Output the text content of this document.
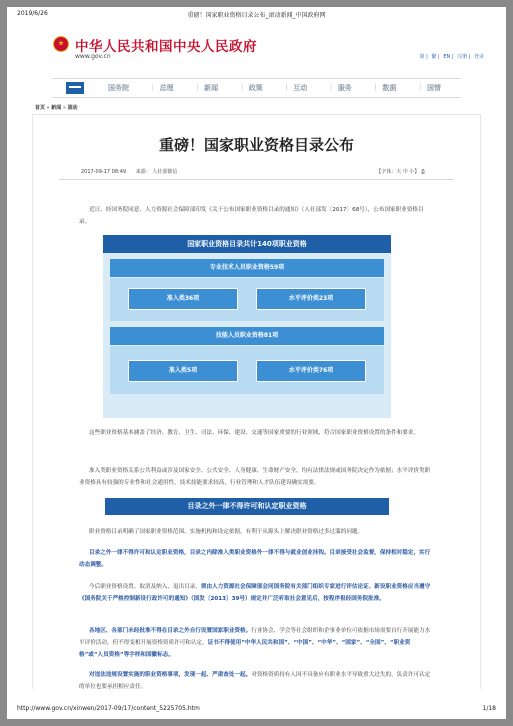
2019/6/26	重磅！国家职业资格目录公布_滚动新闻_中国政府网
中华人民共和国中央人民政府
www.gov.cn	简 | 繁 | EN | 注册 | 登录
国务院	| 总理	| 新闻	| 政策	| 互动	| 服务	| 数据	| 国情
首页 » 新闻 » 滚动
重磅！国家职业资格目录公布
2017-09-17 08:49 来源： 人社部微信	【字体：大 中 小】 ⎙

近日，经国务院同意，人力资源社会保障部印发《关于公布国家职业资格目录的通知》（人社部发〔2017〕68号），公布国家职业资格目录。

国家职业资格目录共计140项职业资格
专业技术人员职业资格59项
准入类36项	水平评价类23项
技能人员职业资格81项
准入类5项	水平评价类76项

这些职业资格基本涵盖了经济、教育、卫生、司法、环保、建设、交通等国家重要的行业领域，符合国家职业资格设置的条件和要求。

准入类职业资格关系公共利益或涉及国家安全、公共安全、人身健康、生命财产安全，均有法律法规或国务院决定作为依据；水平评价类职业资格具有较强的专业性和社会通用性，技术技能要求较高，行业管理和人才队伍建设确实需要。

目录之外一律不得许可和认定职业资格

职业资格目录明确了国家职业资格范围、实施机构和设定依据，有利于从源头上解决职业资格过多过滥的问题。

目录之外一律不得许可和认定职业资格，目录之内除准入类职业资格外一律不得与就业创业挂钩。目录接受社会监督，保持相对稳定，实行动态调整。

今后职业资格设置、取消及纳入、退出目录，须由人力资源社会保障部会同国务院有关部门组织专家进行评估论证、新设职业资格应当遵守《国务院关于严格控制新设行政许可的通知》（国发〔2013〕39号）规定并广泛听取社会意见后，按程序报经国务院批准。

各地区、各部门未经批准不得在目录之外自行设置国家职业资格。行业协会、学会等社会组织和企事业单位可依据市场需要自行开展能力水平评价活动，但不得变相开展资格资质许可和认定，证书不得使用“中华人民共和国”、“中国”、“中华”、“国家”、“全国”、“职业资格”或“人员资格”等字样和国徽标志。

对违法违规设置实施的职业资格事项，发现一起、严肃查处一起。对资格资质持有人因不具备应有职业水平导致重大过失的，负责许可认定的单位也要承担相应责任。

http://www.gov.cn/xinwen/2017-09/17/content_5225705.htm	1/18
